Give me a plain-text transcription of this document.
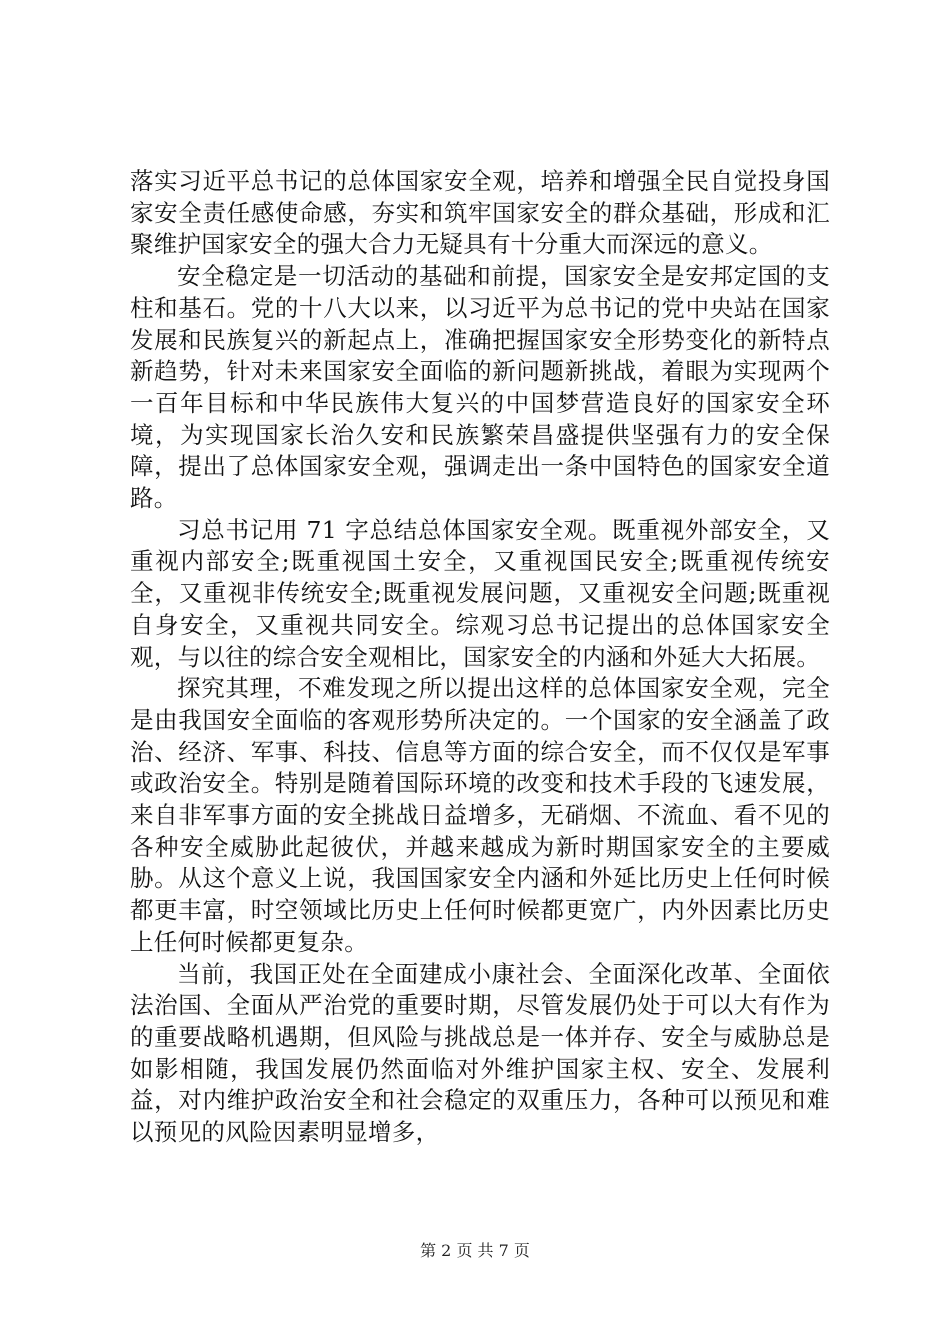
落实习近平总书记的总体国家安全观，培养和增强全民自觉投身国家安全责任感使命感，夯实和筑牢国家安全的群众基础，形成和汇聚维护国家安全的强大合力无疑具有十分重大而深远的意义。

安全稳定是一切活动的基础和前提，国家安全是安邦定国的支柱和基石。党的十八大以来，以习近平为总书记的党中央站在国家发展和民族复兴的新起点上，准确把握国家安全形势变化的新特点新趋势，针对未来国家安全面临的新问题新挑战，着眼为实现两个一百年目标和中华民族伟大复兴的中国梦营造良好的国家安全环境，为实现国家长治久安和民族繁荣昌盛提供坚强有力的安全保障，提出了总体国家安全观，强调走出一条中国特色的国家安全道路。

习总书记用 71 字总结总体国家安全观。既重视外部安全，又重视内部安全;既重视国土安全，又重视国民安全;既重视传统安全，又重视非传统安全;既重视发展问题，又重视安全问题;既重视自身安全，又重视共同安全。综观习总书记提出的总体国家安全观，与以往的综合安全观相比，国家安全的内涵和外延大大拓展。

探究其理，不难发现之所以提出这样的总体国家安全观，完全是由我国安全面临的客观形势所决定的。一个国家的安全涵盖了政治、经济、军事、科技、信息等方面的综合安全，而不仅仅是军事或政治安全。特别是随着国际环境的改变和技术手段的飞速发展，来自非军事方面的安全挑战日益增多，无硝烟、不流血、看不见的各种安全威胁此起彼伏，并越来越成为新时期国家安全的主要威胁。从这个意义上说，我国国家安全内涵和外延比历史上任何时候都更丰富，时空领域比历史上任何时候都更宽广，内外因素比历史上任何时候都更复杂。

当前，我国正处在全面建成小康社会、全面深化改革、全面依法治国、全面从严治党的重要时期，尽管发展仍处于可以大有作为的重要战略机遇期，但风险与挑战总是一体并存、安全与威胁总是如影相随，我国发展仍然面临对外维护国家主权、安全、发展利益，对内维护政治安全和社会稳定的双重压力，各种可以预见和难以预见的风险因素明显增多，

第 2 页 共 7 页
